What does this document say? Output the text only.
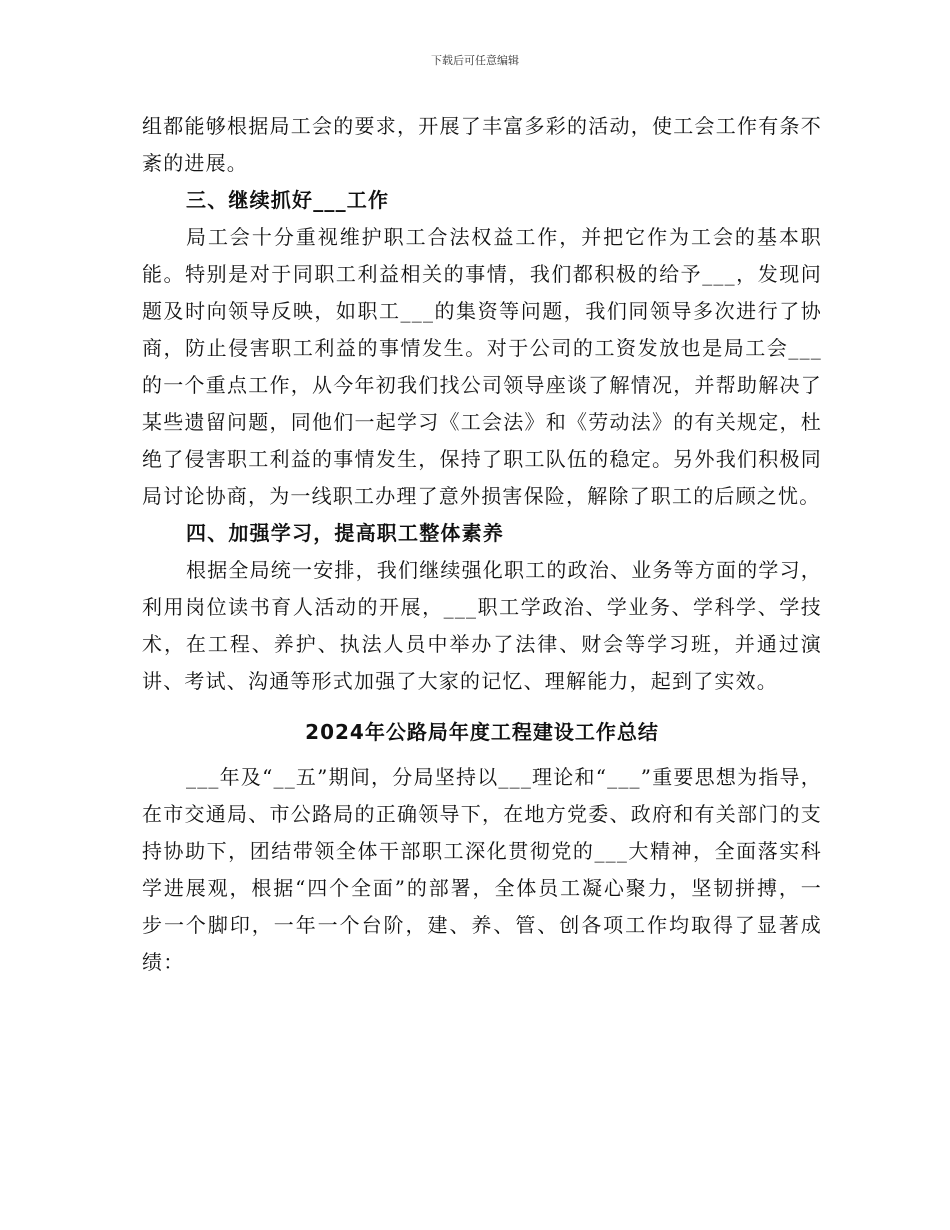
下载后可任意编辑

组都能够根据局工会的要求，开展了丰富多彩的活动，使工会工作有条不紊的进展。

三、继续抓好___工作

局工会十分重视维护职工合法权益工作，并把它作为工会的基本职能。特别是对于同职工利益相关的事情，我们都积极的给予___，发现问题及时向领导反映，如职工___的集资等问题，我们同领导多次进行了协商，防止侵害职工利益的事情发生。对于公司的工资发放也是局工会___的一个重点工作，从今年初我们找公司领导座谈了解情况，并帮助解决了某些遗留问题，同他们一起学习《工会法》和《劳动法》的有关规定，杜绝了侵害职工利益的事情发生，保持了职工队伍的稳定。另外我们积极同局讨论协商，为一线职工办理了意外损害保险，解除了职工的后顾之忧。

四、加强学习，提高职工整体素养

根据全局统一安排，我们继续强化职工的政治、业务等方面的学习，利用岗位读书育人活动的开展，___职工学政治、学业务、学科学、学技术，在工程、养护、执法人员中举办了法律、财会等学习班，并通过演讲、考试、沟通等形式加强了大家的记忆、理解能力，起到了实效。

2024年公路局年度工程建设工作总结

___年及“__五”期间，分局坚持以___理论和“___”重要思想为指导，在市交通局、市公路局的正确领导下，在地方党委、政府和有关部门的支持协助下，团结带领全体干部职工深化贯彻党的___大精神，全面落实科学进展观，根据“四个全面”的部署，全体员工凝心聚力，坚韧拼搏，一步一个脚印，一年一个台阶，建、养、管、创各项工作均取得了显著成绩：
